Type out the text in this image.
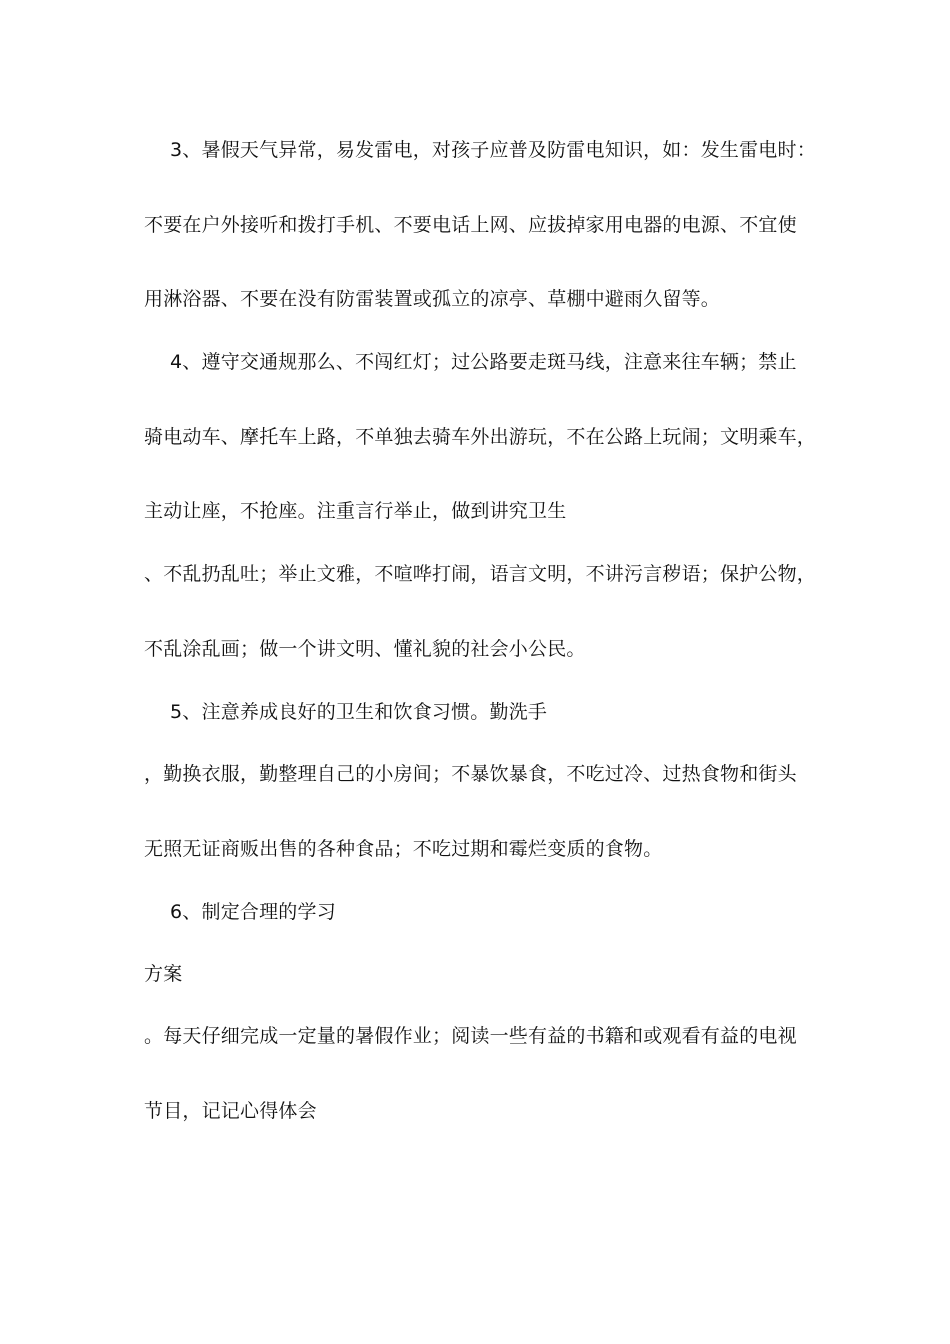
3、暑假天气异常，易发雷电，对孩子应普及防雷电知识，如：发生雷电时：
不要在户外接听和拨打手机、不要电话上网、应拔掉家用电器的电源、不宜使
用淋浴器、不要在没有防雷装置或孤立的凉亭、草棚中避雨久留等。
4、遵守交通规那么、不闯红灯；过公路要走斑马线，注意来往车辆；禁止
骑电动车、摩托车上路，不单独去骑车外出游玩，不在公路上玩闹；文明乘车，
主动让座，不抢座。注重言行举止，做到讲究卫生
、不乱扔乱吐；举止文雅，不喧哗打闹，语言文明，不讲污言秽语；保护公物，
不乱涂乱画；做一个讲文明、懂礼貌的社会小公民。
5、注意养成良好的卫生和饮食习惯。勤洗手
，勤换衣服，勤整理自己的小房间；不暴饮暴食，不吃过冷、过热食物和街头
无照无证商贩出售的各种食品；不吃过期和霉烂变质的食物。
6、制定合理的学习
方案
。每天仔细完成一定量的暑假作业；阅读一些有益的书籍和或观看有益的电视
节目，记记心得体会
